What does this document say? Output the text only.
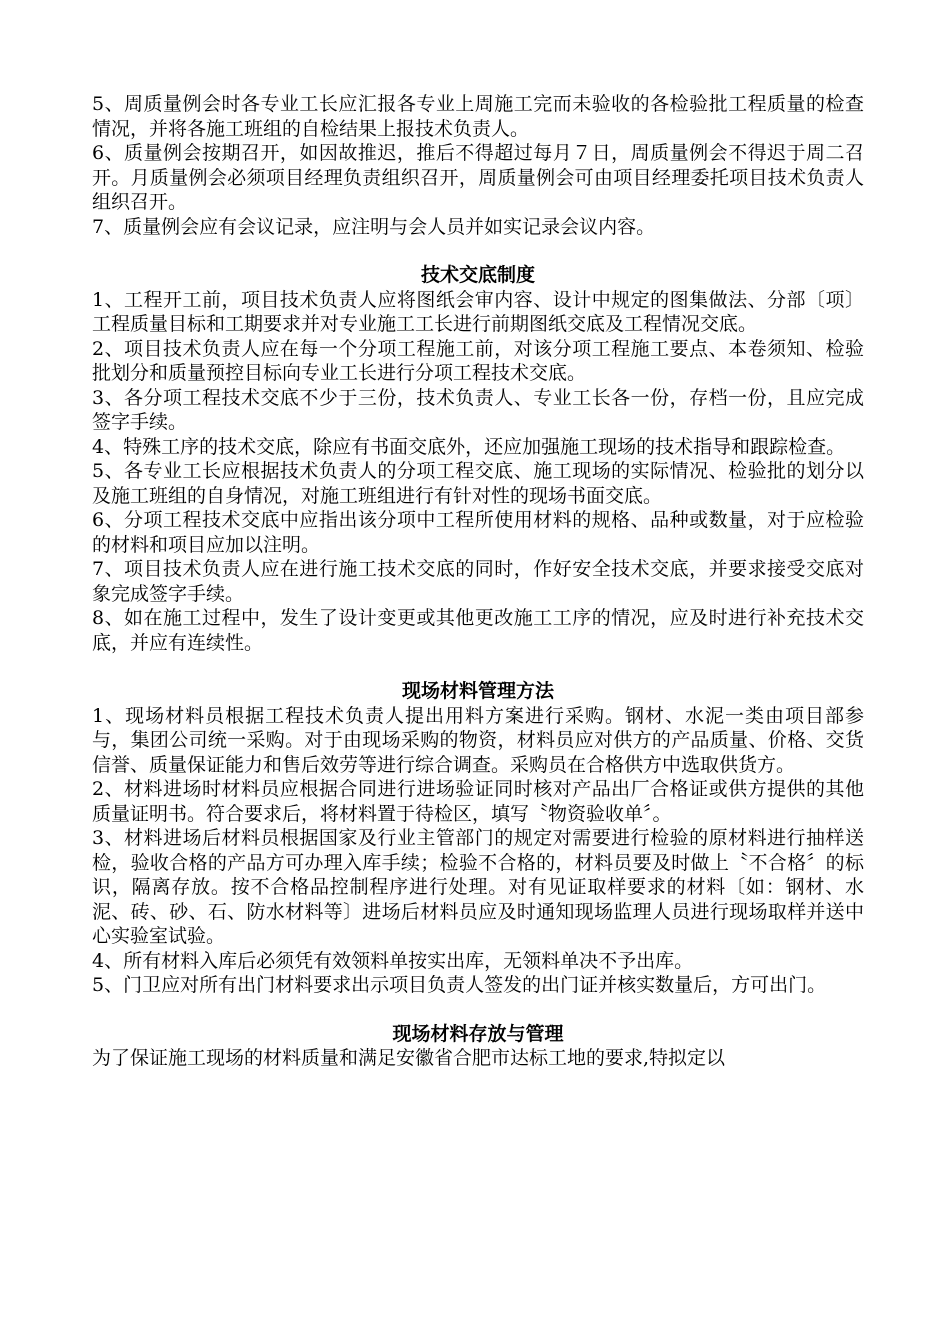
5、周质量例会时各专业工长应汇报各专业上周施工完而未验收的各检验批工程质量的检查情况，并将各施工班组的自检结果上报技术负责人。

6、质量例会按期召开，如因故推迟，推后不得超过每月７日，周质量例会不得迟于周二召开。月质量例会必须项目经理负责组织召开，周质量例会可由项目经理委托项目技术负责人组织召开。

7、质量例会应有会议记录，应注明与会人员并如实记录会议内容。

技术交底制度

1、工程开工前，项目技术负责人应将图纸会审内容、设计中规定的图集做法、分部〔项〕工程质量目标和工期要求并对专业施工工长进行前期图纸交底及工程情况交底。

2、项目技术负责人应在每一个分项工程施工前，对该分项工程施工要点、本卷须知、检验批划分和质量预控目标向专业工长进行分项工程技术交底。

3、各分项工程技术交底不少于三份，技术负责人、专业工长各一份，存档一份，且应完成签字手续。

4、特殊工序的技术交底，除应有书面交底外，还应加强施工现场的技术指导和跟踪检查。

5、各专业工长应根据技术负责人的分项工程交底、施工现场的实际情况、检验批的划分以及施工班组的自身情况，对施工班组进行有针对性的现场书面交底。

6、分项工程技术交底中应指出该分项中工程所使用材料的规格、品种或数量，对于应检验的材料和项目应加以注明。

7、项目技术负责人应在进行施工技术交底的同时，作好安全技术交底，并要求接受交底对象完成签字手续。

8、如在施工过程中，发生了设计变更或其他更改施工工序的情况，应及时进行补充技术交底，并应有连续性。

现场材料管理方法

1、现场材料员根据工程技术负责人提出用料方案进行采购。钢材、水泥一类由项目部参与，集团公司统一采购。对于由现场采购的物资，材料员应对供方的产品质量、价格、交货信誉、质量保证能力和售后效劳等进行综合调查。采购员在合格供方中选取供货方。

2、材料进场时材料员应根据合同进行进场验证同时核对产品出厂合格证或供方提供的其他质量证明书。符合要求后，将材料置于待检区，填写〝物资验收单〞。

3、材料进场后材料员根据国家及行业主管部门的规定对需要进行检验的原材料进行抽样送检，验收合格的产品方可办理入库手续；检验不合格的，材料员要及时做上〝不合格〞的标识，隔离存放。按不合格品控制程序进行处理。对有见证取样要求的材料〔如：钢材、水泥、砖、砂、石、防水材料等〕进场后材料员应及时通知现场监理人员进行现场取样并送中心实验室试验。

4、所有材料入库后必须凭有效领料单按实出库，无领料单决不予出库。

5、门卫应对所有出门材料要求出示项目负责人签发的出门证并核实数量后，方可出门。

现场材料存放与管理

为了保证施工现场的材料质量和满足安徽省合肥市达标工地的要求,特拟定以
